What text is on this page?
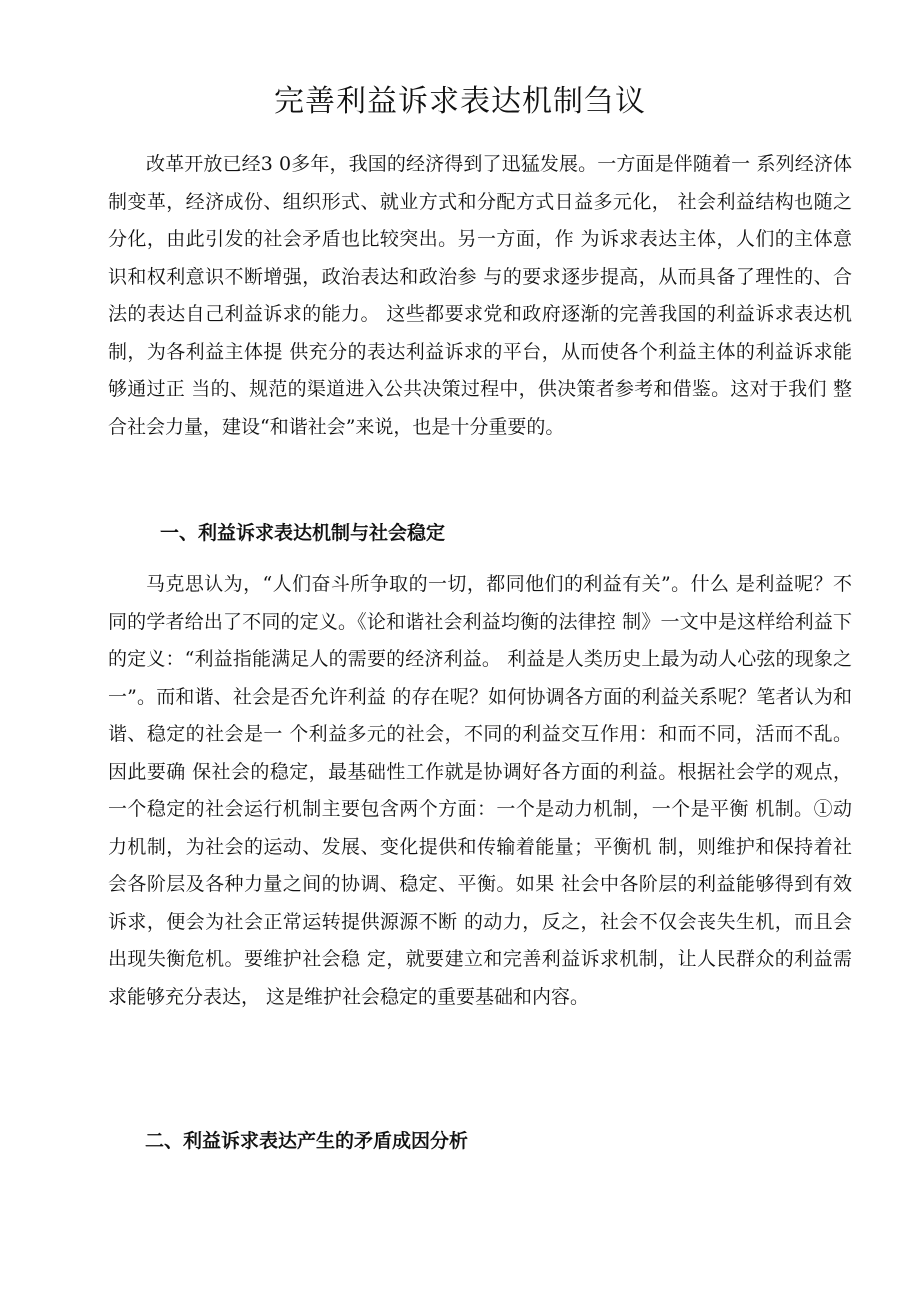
完善利益诉求表达机制刍议

改革开放已经3 0多年，我国的经济得到了迅猛发展。一方面是伴随着一 系列经济体制变革，经济成份、组织形式、就业方式和分配方式日益多元化， 社会利益结构也随之分化，由此引发的社会矛盾也比较突出。另一方面，作 为诉求表达主体，人们的主体意识和权利意识不断增强，政治表达和政治参 与的要求逐步提高，从而具备了理性的、合法的表达自己利益诉求的能力。 这些都要求党和政府逐渐的完善我国的利益诉求表达机制，为各利益主体提 供充分的表达利益诉求的平台，从而使各个利益主体的利益诉求能够通过正 当的、规范的渠道进入公共决策过程中，供决策者参考和借鉴。这对于我们 整合社会力量，建设“和谐社会”来说，也是十分重要的。

一、利益诉求表达机制与社会稳定

马克思认为，“人们奋斗所争取的一切，都同他们的利益有关”。什么 是利益呢？不同的学者给出了不同的定义。《论和谐社会利益均衡的法律控 制》一文中是这样给利益下的定义：“利益指能满足人的需要的经济利益。 利益是人类历史上最为动人心弦的现象之一”。而和谐、社会是否允许利益 的存在呢？如何协调各方面的利益关系呢？笔者认为和谐、稳定的社会是一 个利益多元的社会，不同的利益交互作用：和而不同，活而不乱。因此要确 保社会的稳定，最基础性工作就是协调好各方面的利益。根据社会学的观点， 一个稳定的社会运行机制主要包含两个方面：一个是动力机制，一个是平衡 机制。①动力机制，为社会的运动、发展、变化提供和传输着能量；平衡机 制，则维护和保持着社会各阶层及各种力量之间的协调、稳定、平衡。如果 社会中各阶层的利益能够得到有效诉求，便会为社会正常运转提供源源不断 的动力，反之，社会不仅会丧失生机，而且会出现失衡危机。要维护社会稳 定，就要建立和完善利益诉求机制，让人民群众的利益需求能够充分表达， 这是维护社会稳定的重要基础和内容。

二、利益诉求表达产生的矛盾成因分析
